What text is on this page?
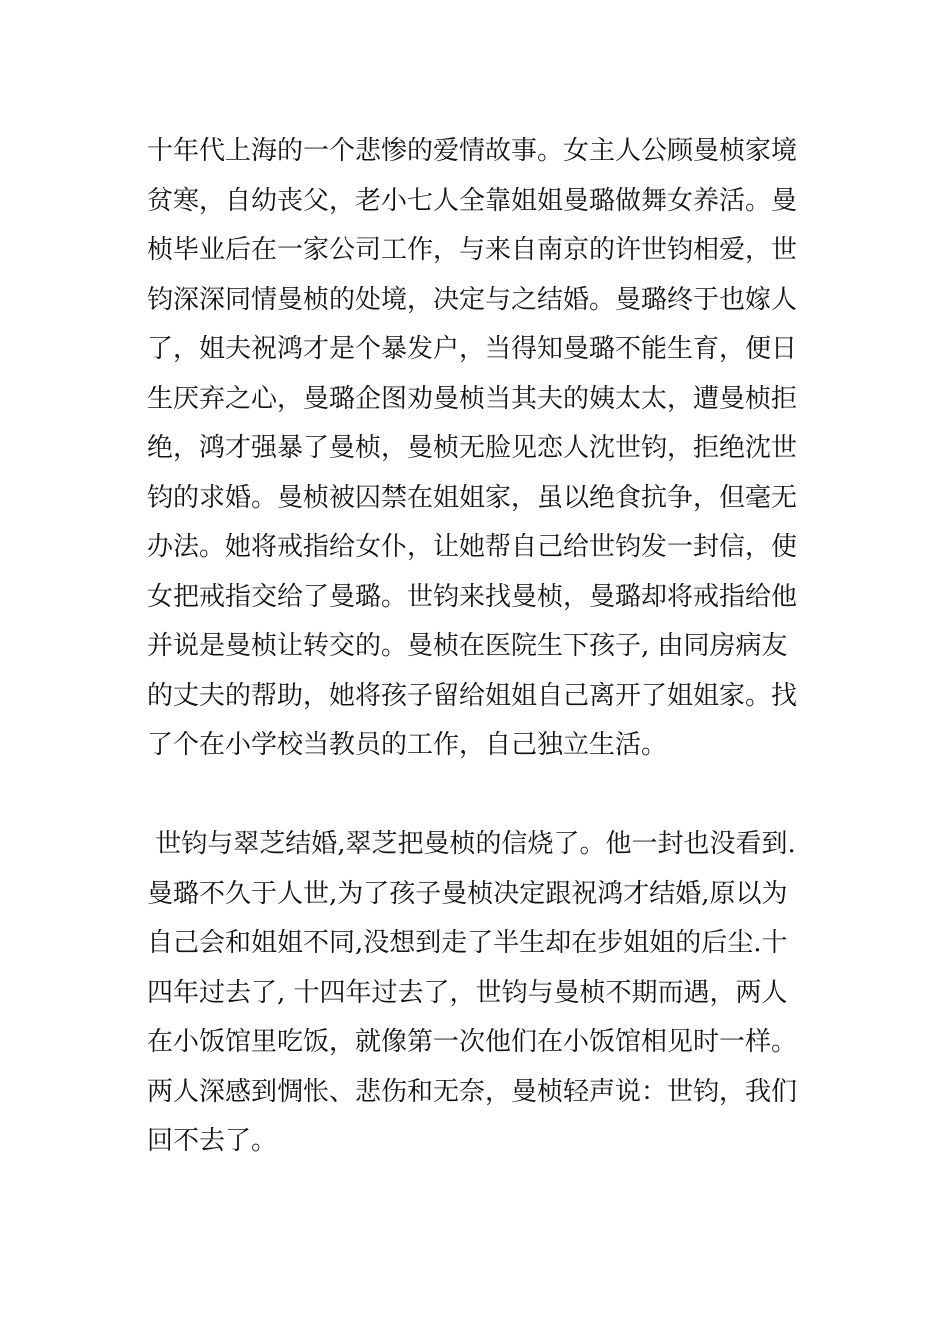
十年代上海的一个悲惨的爱情故事。女主人公顾曼桢家境
贫寒，自幼丧父，老小七人全靠姐姐曼璐做舞女养活。曼
桢毕业后在一家公司工作，与来自南京的许世钧相爱，世
钧深深同情曼桢的处境，决定与之结婚。曼璐终于也嫁人
了，姐夫祝鸿才是个暴发户，当得知曼璐不能生育，便日
生厌弃之心，曼璐企图劝曼桢当其夫的姨太太，遭曼桢拒
绝，鸿才强暴了曼桢，曼桢无脸见恋人沈世钧，拒绝沈世
钧的求婚。曼桢被囚禁在姐姐家，虽以绝食抗争，但毫无
办法。她将戒指给女仆，让她帮自己给世钧发一封信，使
女把戒指交给了曼璐。世钧来找曼桢，曼璐却将戒指给他
并说是曼桢让转交的。曼桢在医院生下孩子, 由同房病友
的丈夫的帮助，她将孩子留给姐姐自己离开了姐姐家。找
了个在小学校当教员的工作，自己独立生活。
世钧与翠芝结婚,翠芝把曼桢的信烧了。他一封也没看到.
曼璐不久于人世,为了孩子曼桢决定跟祝鸿才结婚,原以为
自己会和姐姐不同,没想到走了半生却在步姐姐的后尘.十
四年过去了, 十四年过去了，世钧与曼桢不期而遇，两人
在小饭馆里吃饭，就像第一次他们在小饭馆相见时一样。
两人深感到惆怅、悲伤和无奈，曼桢轻声说：世钧，我们
回不去了。
